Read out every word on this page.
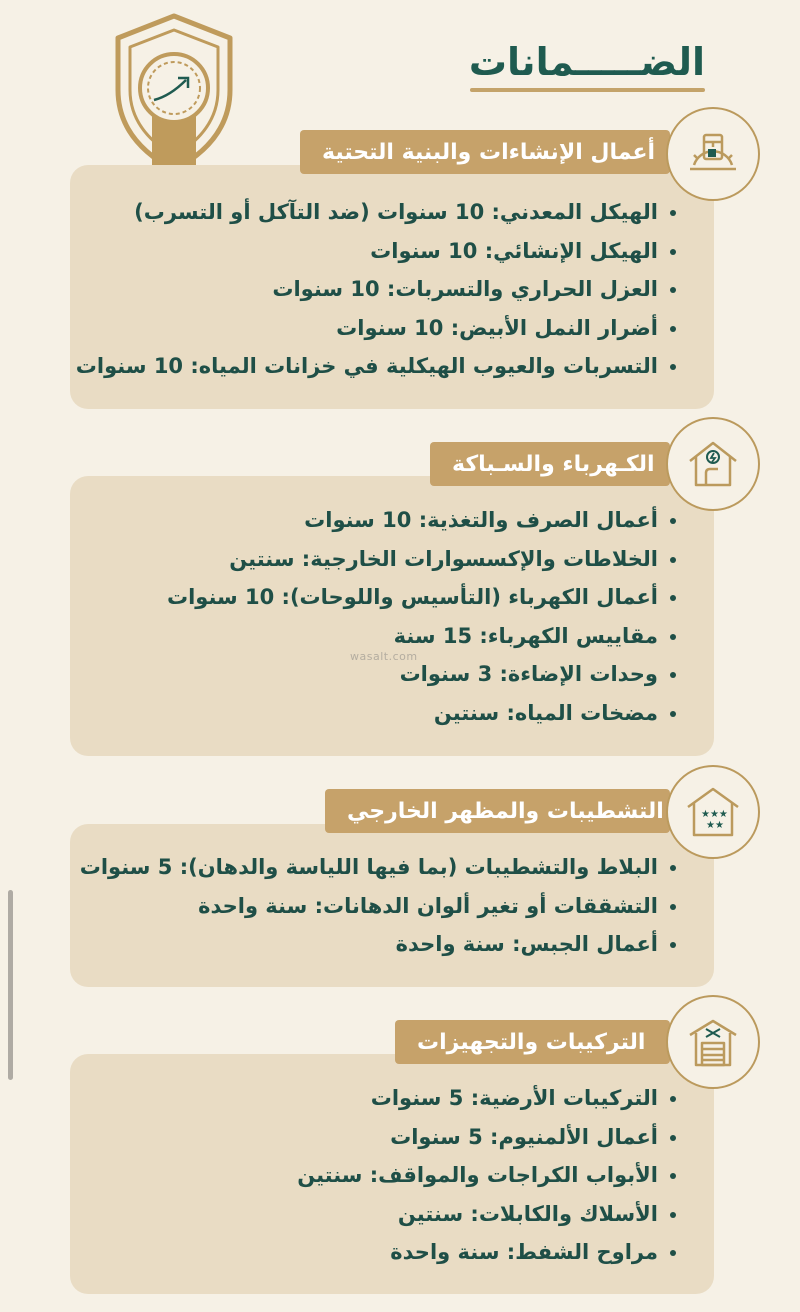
الضـــــمانات
الهيكل المعدني: 10 سنوات (ضد التآكل أو التسرب)
الهيكل الإنشائي: 10 سنوات
العزل الحراري والتسربات: 10 سنوات
أضرار النمل الأبيض: 10 سنوات
التسربات والعيوب الهيكلية في خزانات المياه: 10 سنوات
أعمال الإنشاءات والبنية التحتية
أعمال الصرف والتغذية: 10 سنوات
الخلاطات والإكسسوارات الخارجية: سنتين
أعمال الكهرباء (التأسيس واللوحات): 10 سنوات
مقاييس الكهرباء: 15 سنة
وحدات الإضاءة: 3 سنوات
مضخات المياه: سنتين
الكـهرباء والسـباكة
wasalt.com
البلاط والتشطيبات (بما فيها اللياسة والدهان): 5 سنوات
التشققات أو تغير ألوان الدهانات: سنة واحدة
أعمال الجبس: سنة واحدة
التشطيبات والمظهر الخارجي	★★★
★★
التركيبات الأرضية: 5 سنوات
أعمال الألمنيوم: 5 سنوات
الأبواب الكراجات والمواقف: سنتين
الأسلاك والكابلات: سنتين
مراوح الشفط: سنة واحدة
التركيبات والتجهيزات
